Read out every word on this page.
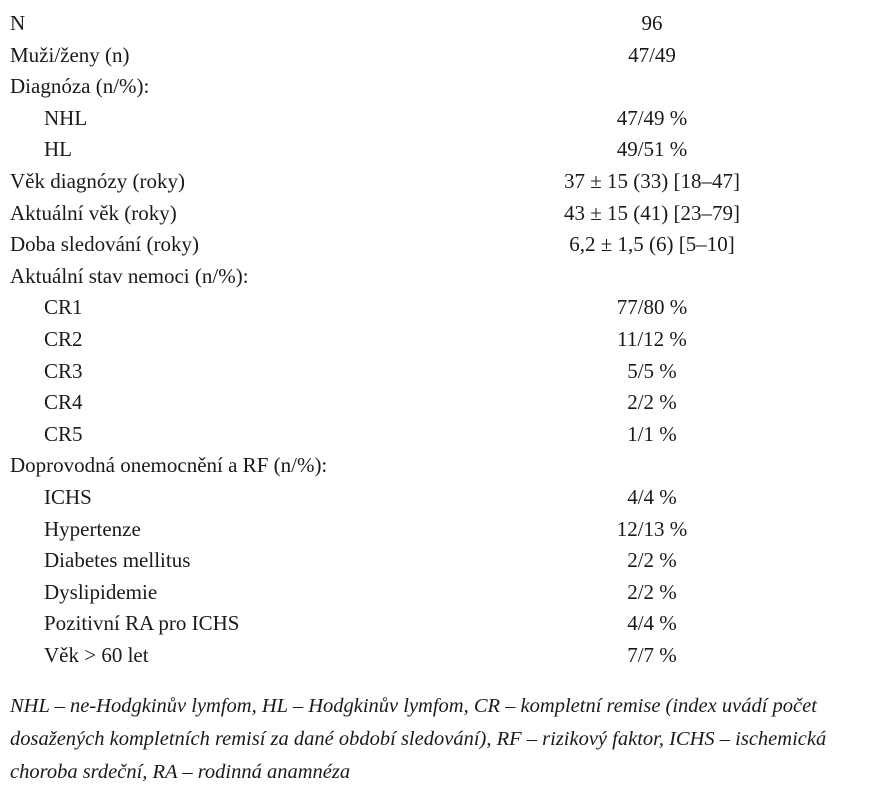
N	96
Muži/ženy (n)	47/49
Diagnóza (n/%):
NHL	47/49 %
HL	49/51 %
Věk diagnózy (roky)	37 ± 15 (33) [18–47]
Aktuální věk (roky)	43 ± 15 (41) [23–79]
Doba sledování (roky)	6,2 ± 1,5 (6) [5–10]
Aktuální stav nemoci (n/%):
CR1	77/80 %
CR2	11/12 %
CR3	5/5 %
CR4	2/2 %
CR5	1/1 %
Doprovodná onemocnění a RF (n/%):
ICHS	4/4 %
Hypertenze	12/13 %
Diabetes mellitus	2/2 %
Dyslipidemie	2/2 %
Pozitivní RA pro ICHS	4/4 %
Věk > 60 let	7/7 %
NHL – ne-Hodgkinův lymfom, HL – Hodgkinův lymfom, CR – kompletní remise (index uvádí počet dosažených kompletních remisí za dané období sledování), RF – rizikový faktor, ICHS – ischemická choroba srdeční, RA – rodinná anamnéza
